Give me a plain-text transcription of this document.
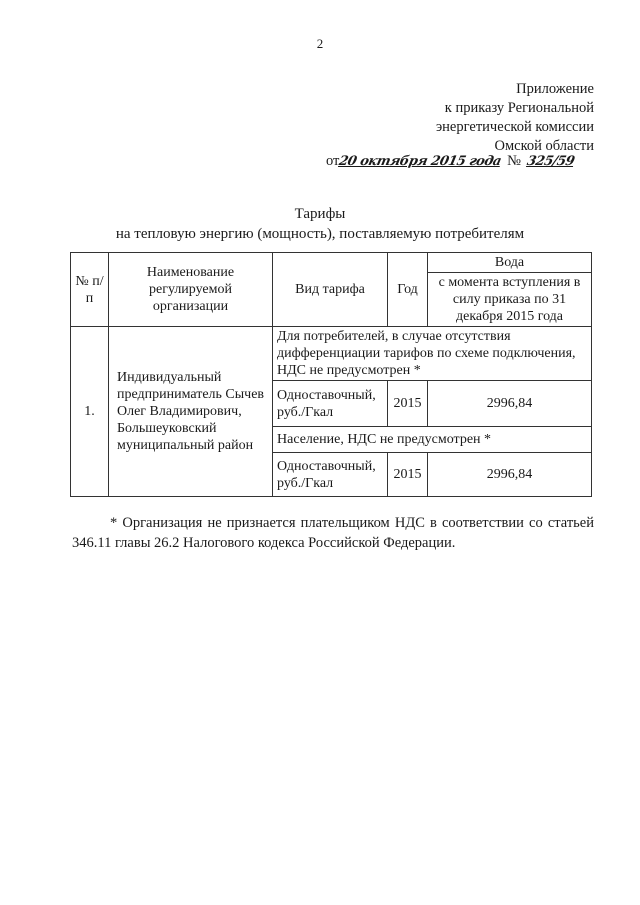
2
Приложение
к приказу Региональной
энергетической комиссии
Омской области
от20 октября 2015 года № 325/59
Тарифы
на тепловую энергию (мощность), поставляемую потребителям
№ п/п	Наименование регулируемой организации	Вид тарифа	Год	Вода
				с момента вступления в силу приказа по 31 декабря 2015 года
1.	Индивидуальный предприниматель Сычев Олег Владимирович, Большеуковский муниципальный район	Для потребителей, в случае отсутствия дифференциации тарифов по схеме подключения, НДС не предусмотрен *		
		Одноставочный, руб./Гкал	2015	2996,84
		Население, НДС не предусмотрен *		
		Одноставочный, руб./Гкал	2015	2996,84
* Организация не признается плательщиком НДС в соответствии со статьей 346.11 главы 26.2 Налогового кодекса Российской Федерации.
